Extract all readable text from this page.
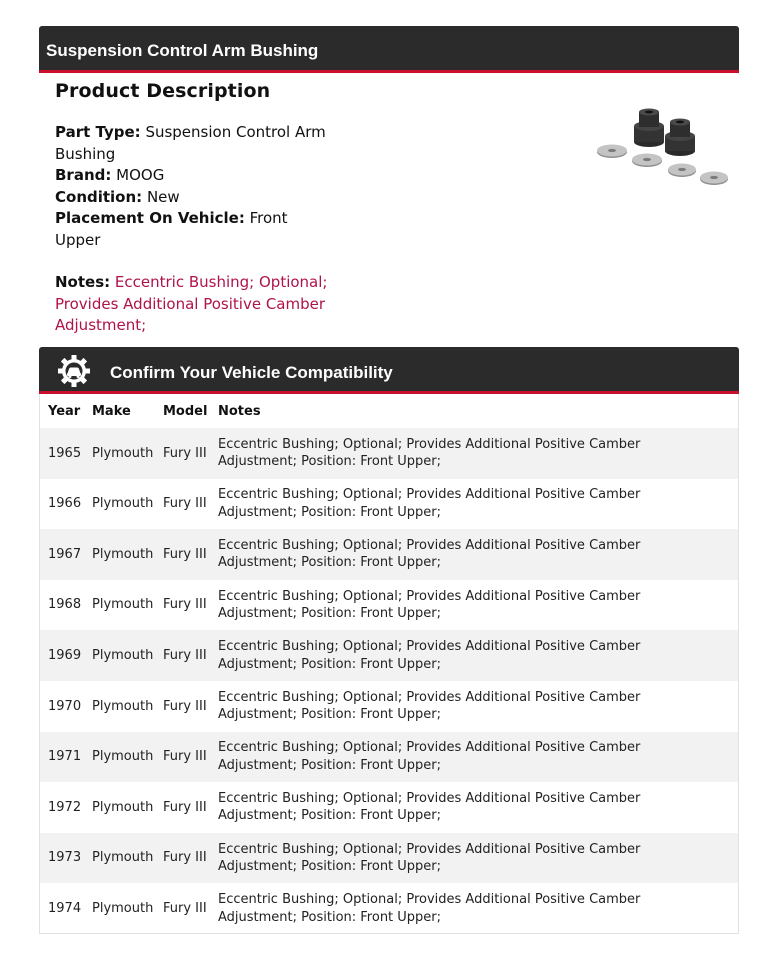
Suspension Control Arm Bushing
Product Description
Part Type: Suspension Control Arm Bushing
Brand: MOOG
Condition: New
Placement On Vehicle: Front Upper
Notes: Eccentric Bushing; Optional; Provides Additional Positive Camber Adjustment;
Confirm Your Vehicle Compatibility
Year	Make	Model	Notes
1965	Plymouth	Fury III	Eccentric Bushing; Optional; Provides Additional Positive Camber Adjustment; Position: Front Upper;
1966	Plymouth	Fury III	Eccentric Bushing; Optional; Provides Additional Positive Camber Adjustment; Position: Front Upper;
1967	Plymouth	Fury III	Eccentric Bushing; Optional; Provides Additional Positive Camber Adjustment; Position: Front Upper;
1968	Plymouth	Fury III	Eccentric Bushing; Optional; Provides Additional Positive Camber Adjustment; Position: Front Upper;
1969	Plymouth	Fury III	Eccentric Bushing; Optional; Provides Additional Positive Camber Adjustment; Position: Front Upper;
1970	Plymouth	Fury III	Eccentric Bushing; Optional; Provides Additional Positive Camber Adjustment; Position: Front Upper;
1971	Plymouth	Fury III	Eccentric Bushing; Optional; Provides Additional Positive Camber Adjustment; Position: Front Upper;
1972	Plymouth	Fury III	Eccentric Bushing; Optional; Provides Additional Positive Camber Adjustment; Position: Front Upper;
1973	Plymouth	Fury III	Eccentric Bushing; Optional; Provides Additional Positive Camber Adjustment; Position: Front Upper;
1974	Plymouth	Fury III	Eccentric Bushing; Optional; Provides Additional Positive Camber Adjustment; Position: Front Upper;
